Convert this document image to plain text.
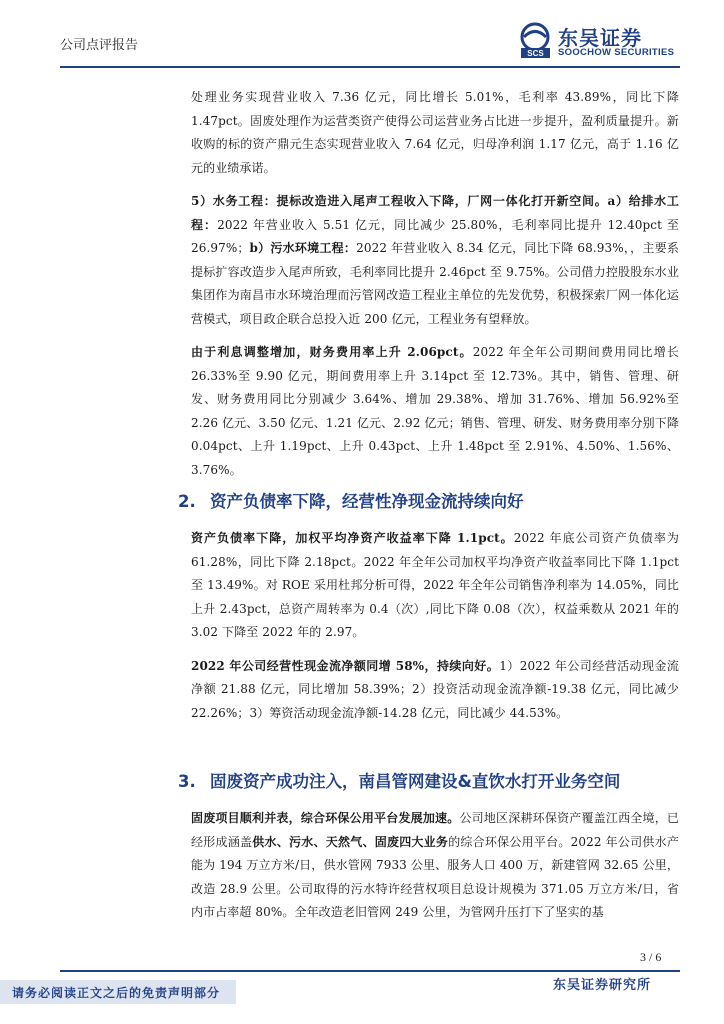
公司点评报告
SCS
东吴证券
SOOCHOW SECURITIES

处理业务实现营业收入 7.36 亿元，同比增长 5.01%，毛利率 43.89%，同比下降 1.47pct。固废处理作为运营类资产使得公司运营业务占比进一步提升，盈利质量提升。新收购的标的资产鼎元生态实现营业收入 7.64 亿元，归母净利润 1.17 亿元，高于 1.16 亿元的业绩承诺。

5）水务工程：提标改造进入尾声工程收入下降，厂网一体化打开新空间。a）给排水工程：2022 年营业收入 5.51 亿元，同比减少 25.80%，毛利率同比提升 12.40pct 至 26.97%；b）污水环境工程：2022 年营业收入 8.34 亿元，同比下降 68.93%，，主要系提标扩容改造步入尾声所致，毛利率同比提升 2.46pct 至 9.75%。公司借力控股股东水业集团作为南昌市水环境治理而污管网改造工程业主单位的先发优势，积极探索厂网一体化运营模式，项目政企联合总投入近 200 亿元，工程业务有望释放。

由于利息调整增加，财务费用率上升 2.06pct。2022 年全年公司期间费用同比增长 26.33%至 9.90 亿元，期间费用率上升 3.14pct 至 12.73%。其中，销售、管理、研发、财务费用同比分别减少 3.64%、增加 29.38%、增加 31.76%、增加 56.92%至 2.26 亿元、3.50 亿元、1.21 亿元、2.92 亿元；销售、管理、研发、财务费用率分别下降 0.04pct、上升 1.19pct、上升 0.43pct、上升 1.48pct 至 2.91%、4.50%、1.56%、3.76%。

2. 资产负债率下降，经营性净现金流持续向好

资产负债率下降，加权平均净资产收益率下降 1.1pct。2022 年底公司资产负债率为 61.28%，同比下降 2.18pct。2022 年全年公司加权平均净资产收益率同比下降 1.1pct 至 13.49%。对 ROE 采用杜邦分析可得，2022 年全年公司销售净利率为 14.05%，同比上升 2.43pct，总资产周转率为 0.4（次）,同比下降 0.08（次），权益乘数从 2021 年的 3.02 下降至 2022 年的 2.97。

2022 年公司经营性现金流净额同增 58%，持续向好。1）2022 年公司经营活动现金流净额 21.88 亿元，同比增加 58.39%；2）投资活动现金流净额-19.38 亿元，同比减少 22.26%；3）筹资活动现金流净额-14.28 亿元，同比减少 44.53%。

3. 固废资产成功注入，南昌管网建设&直饮水打开业务空间

固废项目顺利并表，综合环保公用平台发展加速。公司地区深耕环保资产覆盖江西全境，已经形成涵盖供水、污水、天然气、固废四大业务的综合环保公用平台。2022 年公司供水产能为 194 万立方米/日，供水管网 7933 公里、服务人口 400 万，新建管网 32.65 公里，改造 28.9 公里。公司取得的污水特许经营权项目总设计规模为 371.05 万立方米/日，省内市占率超 80%。全年改造老旧管网 249 公里，为管网升压打下了坚实的基

3 / 6
东吴证券研究所
请务必阅读正文之后的免责声明部分
